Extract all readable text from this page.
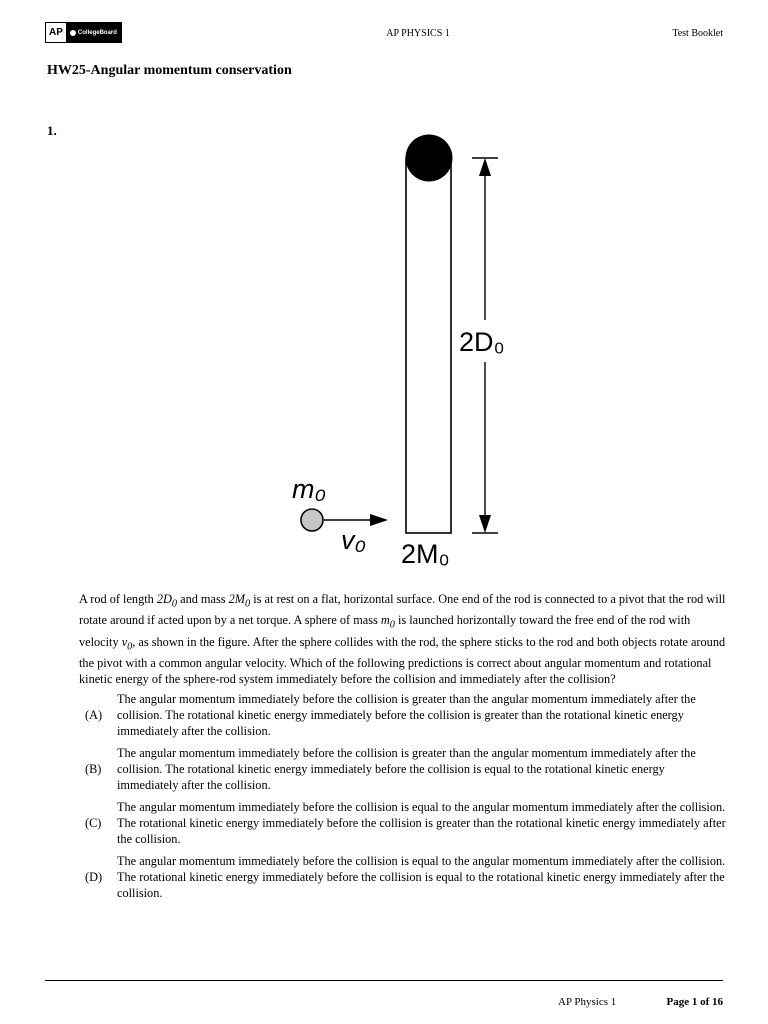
AP	CollegeBoard	AP PHYSICS 1	Test Booklet
HW25-Angular momentum conservation
1.
2D₀
2M₀
m₀
v₀
A rod of length $2D_0$ and mass $2M_0$ is at rest on a flat, horizontal surface. One end of the rod is connected to a pivot that the rod will rotate around if acted upon by a net torque. A sphere of mass $m_0$ is launched horizontally toward the free end of the rod with velocity $v_0$, as shown in the figure. After the sphere collides with the rod, the sphere sticks to the rod and both objects rotate around the pivot with a common angular velocity. Which of the following predictions is correct about angular momentum and rotational kinetic energy of the sphere-rod system immediately before the collision and immediately after the collision?
(A)
The angular momentum immediately before the collision is greater than the angular momentum immediately after the collision. The rotational kinetic energy immediately before the collision is greater than the rotational kinetic energy immediately after the collision.
(B)
The angular momentum immediately before the collision is greater than the angular momentum immediately after the collision. The rotational kinetic energy immediately before the collision is equal to the rotational kinetic energy immediately after the collision.
(C)
The angular momentum immediately before the collision is equal to the angular momentum immediately after the collision. The rotational kinetic energy immediately before the collision is greater than the rotational kinetic energy immediately after the collision.
(D)
The angular momentum immediately before the collision is equal to the angular momentum immediately after the collision. The rotational kinetic energy immediately before the collision is equal to the rotational kinetic energy immediately after the collision.
AP Physics 1	Page 1 of 16
